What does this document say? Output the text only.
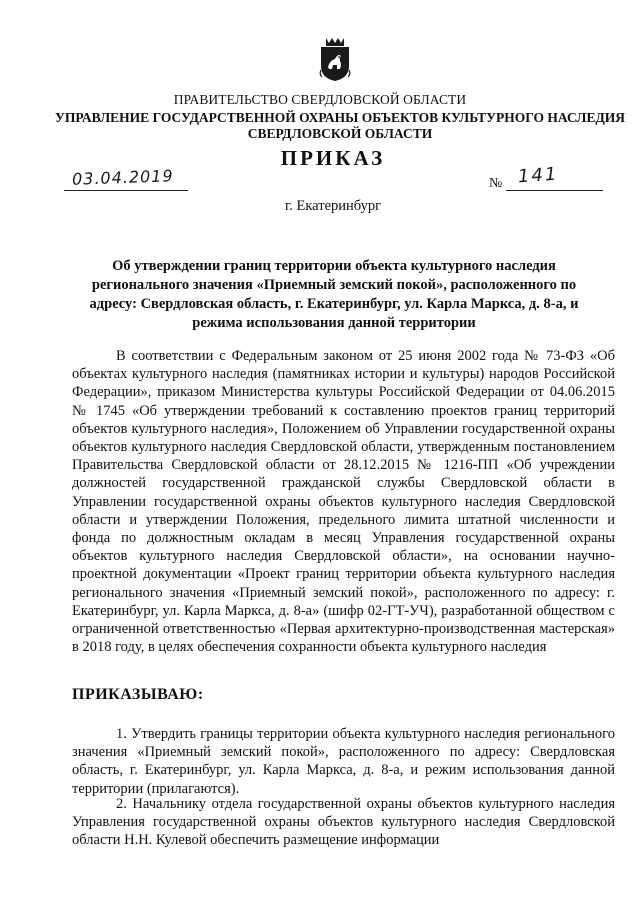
ПРАВИТЕЛЬСТВО СВЕРДЛОВСКОЙ ОБЛАСТИ
УПРАВЛЕНИЕ ГОСУДАРСТВЕННОЙ ОХРАНЫ ОБЪЕКТОВ КУЛЬТУРНОГО НАСЛЕДИЯ СВЕРДЛОВСКОЙ ОБЛАСТИ
ПРИКАЗ
03.04.2019	№ 141
г. Екатеринбург
Об утверждении границ территории объекта культурного наследия регионального значения «Приемный земский покой», расположенного по адресу: Свердловская область, г. Екатеринбург, ул. Карла Маркса, д. 8-а, и режима использования данной территории
В соответствии с Федеральным законом от 25 июня 2002 года № 73-ФЗ «Об объектах культурного наследия (памятниках истории и культуры) народов Российской Федерации», приказом Министерства культуры Российской Федерации от 04.06.2015 № 1745 «Об утверждении требований к составлению проектов границ территорий объектов культурного наследия», Положением об Управлении государственной охраны объектов культурного наследия Свердловской области, утвержденным постановлением Правительства Свердловской области от 28.12.2015 № 1216-ПП «Об учреждении должностей государственной гражданской службы Свердловской области в Управлении государственной охраны объектов культурного наследия Свердловской области и утверждении Положения, предельного лимита штатной численности и фонда по должностным окладам в месяц Управления государственной охраны объектов культурного наследия Свердловской области», на основании научно-проектной документации «Проект границ территории объекта культурного наследия регионального значения «Приемный земский покой», расположенного по адресу: г. Екатеринбург, ул. Карла Маркса, д. 8-а» (шифр 02-ГТ-УЧ), разработанной обществом с ограниченной ответственностью «Первая архитектурно-производственная мастерская» в 2018 году, в целях обеспечения сохранности объекта культурного наследия
ПРИКАЗЫВАЮ:
1. Утвердить границы территории объекта культурного наследия регионального значения «Приемный земский покой», расположенного по адресу: Свердловская область, г. Екатеринбург, ул. Карла Маркса, д. 8-а, и режим использования данной территории (прилагаются).
2. Начальнику отдела государственной охраны объектов культурного наследия Управления государственной охраны объектов культурного наследия Свердловской области Н.Н. Кулевой обеспечить размещение информации
